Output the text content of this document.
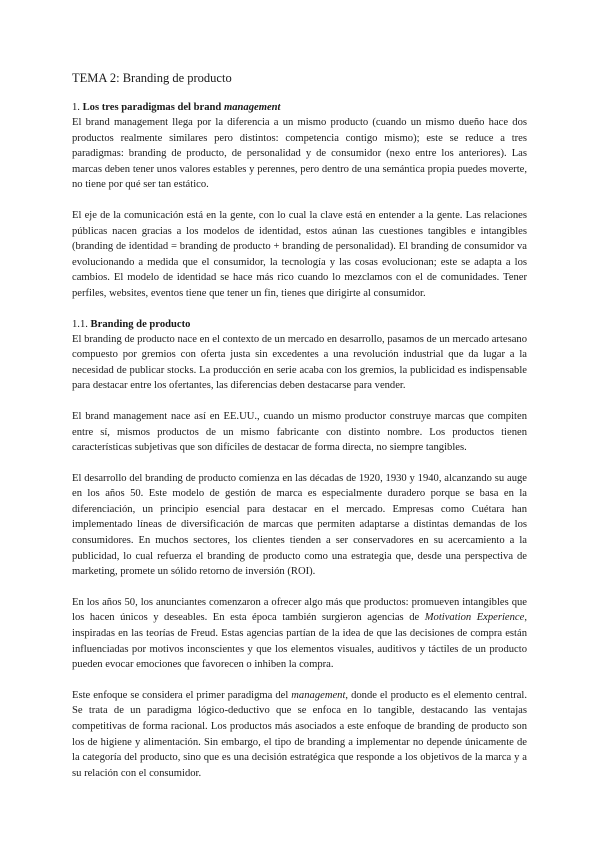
TEMA 2: Branding de producto
1. Los tres paradigmas del brand management

El brand management llega por la diferencia a un mismo producto (cuando un mismo dueño hace dos productos realmente similares pero distintos: competencia contigo mismo); este se reduce a tres paradigmas: branding de producto, de personalidad y de consumidor (nexo entre los anteriores). Las marcas deben tener unos valores estables y perennes, pero dentro de una semántica propia puedes moverte, no tiene por qué ser tan estático.

El eje de la comunicación está en la gente, con lo cual la clave está en entender a la gente. Las relaciones públicas nacen gracias a los modelos de identidad, estos aúnan las cuestiones tangibles e intangibles (branding de identidad = branding de producto + branding de personalidad). El branding de consumidor va evolucionando a medida que el consumidor, la tecnología y las cosas evolucionan; este se adapta a los cambios. El modelo de identidad se hace más rico cuando lo mezclamos con el de comunidades. Tener perfiles, websites, eventos tiene que tener un fin, tienes que dirigirte al consumidor.

1.1. Branding de producto

El branding de producto nace en el contexto de un mercado en desarrollo, pasamos de un mercado artesano compuesto por gremios con oferta justa sin excedentes a una revolución industrial que da lugar a la necesidad de publicar stocks. La producción en serie acaba con los gremios, la publicidad es indispensable para destacar entre los ofertantes, las diferencias deben destacarse para vender.

El brand management nace así en EE.UU., cuando un mismo productor construye marcas que compiten entre sí, mismos productos de un mismo fabricante con distinto nombre. Los productos tienen características subjetivas que son difíciles de destacar de forma directa, no siempre tangibles.

El desarrollo del branding de producto comienza en las décadas de 1920, 1930 y 1940, alcanzando su auge en los años 50. Este modelo de gestión de marca es especialmente duradero porque se basa en la diferenciación, un principio esencial para destacar en el mercado. Empresas como Cuétara han implementado líneas de diversificación de marcas que permiten adaptarse a distintas demandas de los consumidores. En muchos sectores, los clientes tienden a ser conservadores en su acercamiento a la publicidad, lo cual refuerza el branding de producto como una estrategia que, desde una perspectiva de marketing, promete un sólido retorno de inversión (ROI).

En los años 50, los anunciantes comenzaron a ofrecer algo más que productos: promueven intangibles que los hacen únicos y deseables. En esta época también surgieron agencias de Motivation Experience, inspiradas en las teorías de Freud. Estas agencias partían de la idea de que las decisiones de compra están influenciadas por motivos inconscientes y que los elementos visuales, auditivos y táctiles de un producto pueden evocar emociones que favorecen o inhiben la compra.

Este enfoque se considera el primer paradigma del management, donde el producto es el elemento central. Se trata de un paradigma lógico-deductivo que se enfoca en lo tangible, destacando las ventajas competitivas de forma racional. Los productos más asociados a este enfoque de branding de producto son los de higiene y alimentación. Sin embargo, el tipo de branding a implementar no depende únicamente de la categoría del producto, sino que es una decisión estratégica que responde a los objetivos de la marca y a su relación con el consumidor.
